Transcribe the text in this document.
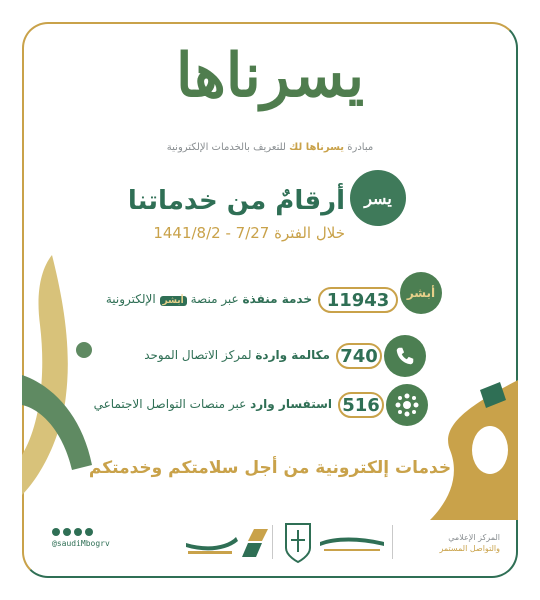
يسرناها
مبادرة يسرناها لك للتعريف بالخدمات الإلكترونية
يسر
أرقامٌ من خدماتنا
خلال الفترة 7/27 - 1441/8/2
أبشر
11943
خدمة منفذة عبر منصة أبشر الإلكترونية
740
مكالمة واردة لمركز الاتصال الموحد
516
استفسار وارد عبر منصات التواصل الاجتماعي
خدمات إلكترونية من أجل سلامتكم وخدمتكم
@saudiMbogrv
المركز الإعلامي
والتواصل المستمر
